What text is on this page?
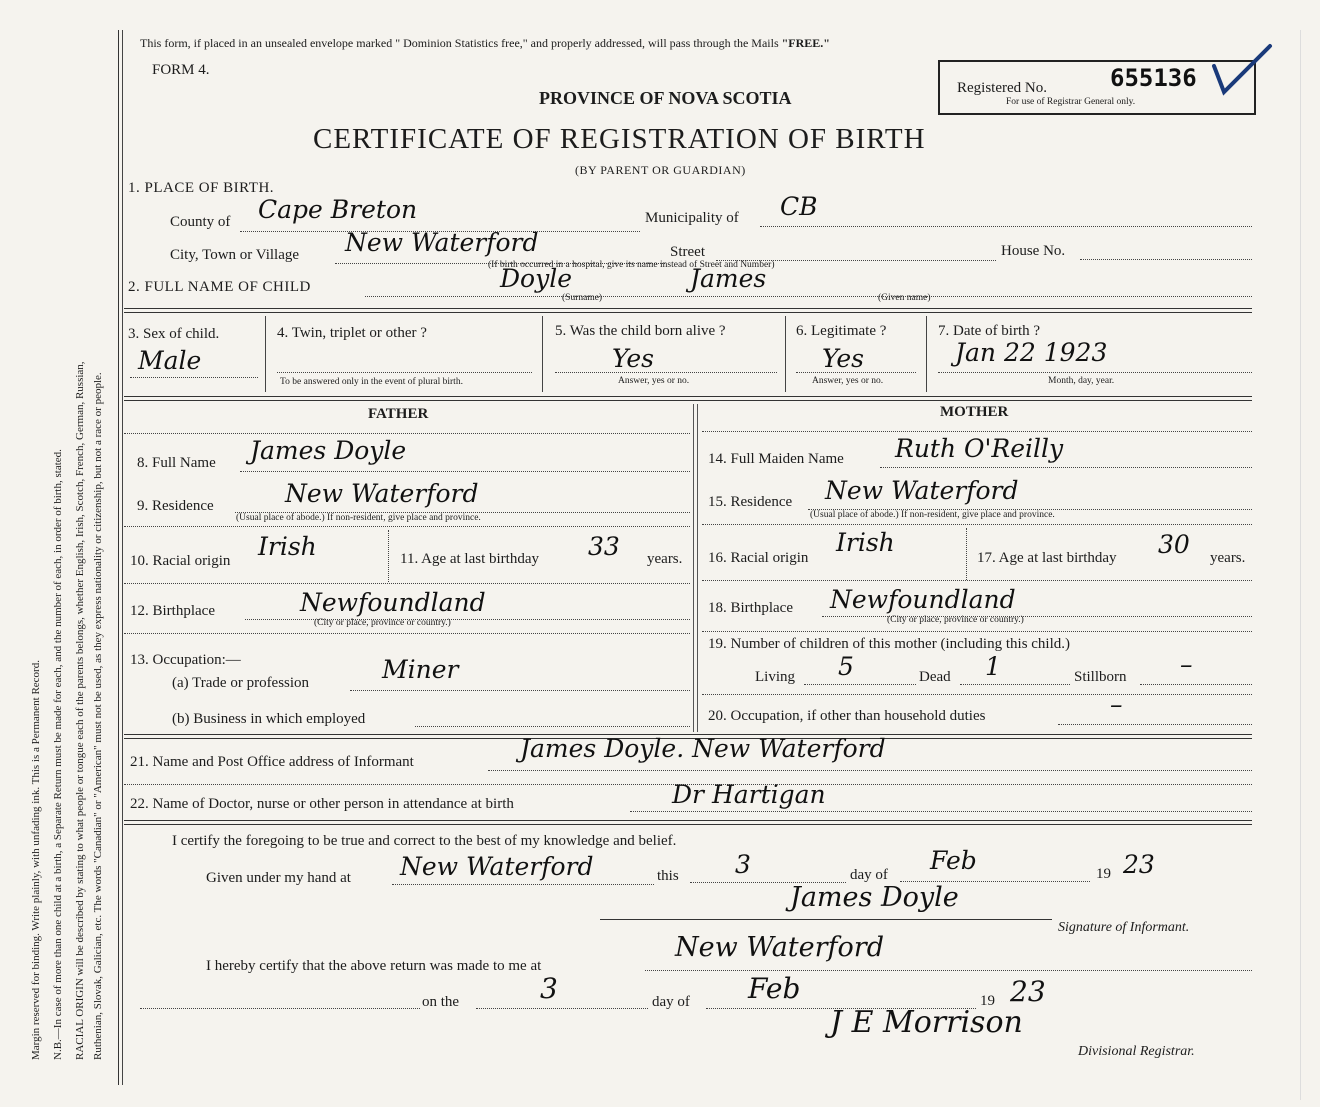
Margin reserved for binding. Write plainly, with unfading ink. This is a Permanent Record. N.B.—In case of more than one child at a birth, a Separate Return must be made for each, and the number of each, in order of birth, stated. RACIAL ORIGIN will be described by stating to what people or tongue each of the parents belongs, whether English, Irish, Scotch, French, German, Russian, Ruthenian, Slovak, Galician, etc. The words "Canadian" or "American" must not be used, as they express nationality or citizenship, but not a race or people.
This form, if placed in an unsealed envelope marked " Dominion Statistics free," and properly addressed, will pass through the Mails "FREE."
FORM 4.
PROVINCE OF NOVA SCOTIA
CERTIFICATE OF REGISTRATION OF BIRTH
(BY PARENT OR GUARDIAN)
Registered No.
For use of Registrar General only.
655136
1. PLACE OF BIRTH.
County of Cape Breton	Municipality of CB
City, Town or Village New Waterford	Street	House No.
(If birth occurred in a hospital, give its name instead of Street and Number)
2. FULL NAME OF CHILD	Doyle	James
(Surname)	(Given name)
3. Sex of child.
Male
4. Twin, triplet or other ?
To be answered only in the event of plural birth.
5. Was the child born alive ?
Yes
Answer, yes or no.
6. Legitimate ?
Yes
Answer, yes or no.
7. Date of birth ?
Jan 22 1923
Month, day, year.
FATHER	MOTHER
8. Full Name James Doyle
9. Residence	New Waterford
(Usual place of abode.) If non-resident, give place and province.
10. Racial origin Irish	11. Age at last birthday 33 years.
12. Birthplace	Newfoundland
(City or place, province or country.)
13. Occupation:—
(a) Trade or profession	Miner
(b) Business in which employed
14. Full Maiden Name Ruth O'Reilly
15. Residence New Waterford
(Usual place of abode.) If non-resident, give place and province.
16. Racial origin
Irish
17. Age at last birthday 30 years.
18. Birthplace Newfoundland
(City or place, province or country.)
19. Number of children of this mother (including this child.)
Living 5	Dead 1	Stillborn –
20. Occupation, if other than household duties	–
21. Name and Post Office address of Informant	James Doyle. New Waterford
22. Name of Doctor, nurse or other person in attendance at birth	Dr Hartigan
I certify the foregoing to be true and correct to the best of my knowledge and belief.
Given under my hand at New Waterford	this 3	day of Feb	19 23
James Doyle
Signature of Informant.
I hereby certify that the above return was made to me at
New Waterford
on the	3	day of Feb	19 23
J E Morrison
Divisional Registrar.
